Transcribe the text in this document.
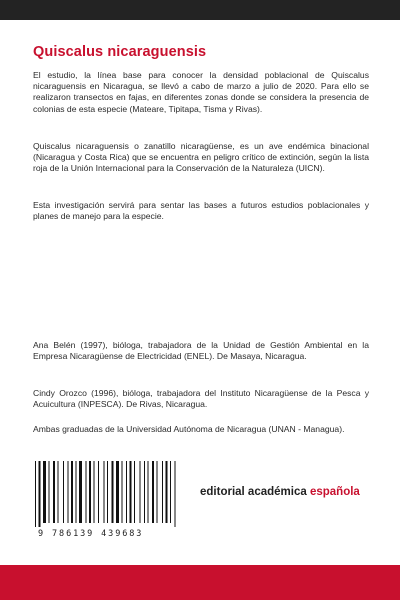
Quiscalus nicaraguensis

El estudio, la línea base para conocer la densidad poblacional de Quiscalus nicaraguensis en Nicaragua, se llevó a cabo de marzo a julio de 2020. Para ello se realizaron transectos en fajas, en diferentes zonas donde se considera la presencia de colonias de esta especie (Mateare, Tipitapa, Tisma y Rivas).

Quiscalus nicaraguensis o zanatillo nicaragüense, es un ave endémica binacional (Nicaragua y Costa Rica) que se encuentra en peligro crítico de extinción, según la lista roja de la Unión Internacional para la Conservación de la Naturaleza (UICN).

Esta investigación servirá para sentar las bases a futuros estudios poblacionales y planes de manejo para la especie.

Ana Belén (1997), bióloga, trabajadora de la Unidad de Gestión Ambiental en la Empresa Nicaragüense de Electricidad (ENEL). De Masaya, Nicaragua.

Cindy Orozco (1996), bióloga, trabajadora del Instituto Nicaragüense de la Pesca y Acuicultura (INPESCA). De Rivas, Nicaragua.

Ambas graduadas de la Universidad Autónoma de Nicaragua (UNAN - Managua).

9 786139 439683
editorial académica española
